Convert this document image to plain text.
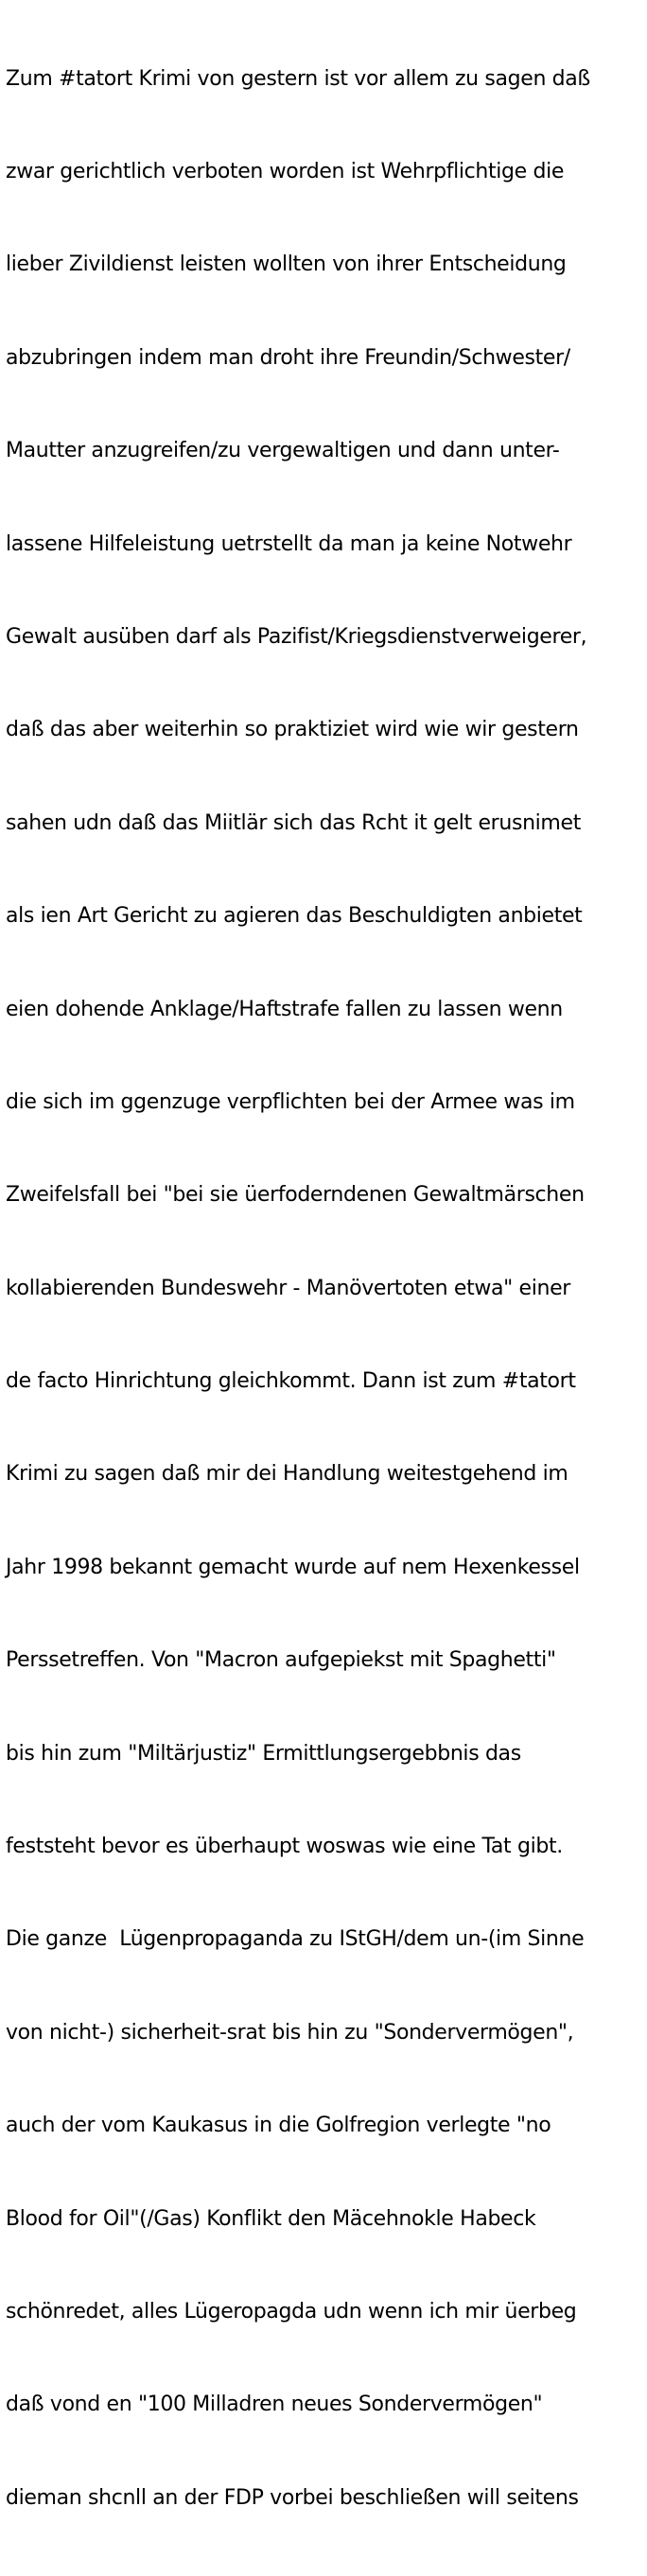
Zum #tatort Krimi von gestern ist vor allem zu sagen daß

zwar gerichtlich verboten worden ist Wehrpflichtige die

lieber Zivildienst leisten wollten von ihrer Entscheidung

abzubringen indem man droht ihre Freundin/Schwester/

Mautter anzugreifen/zu vergewaltigen und dann unter-

lassene Hilfeleistung uetrstellt da man ja keine Notwehr

Gewalt ausüben darf als Pazifist/Kriegsdienstverweigerer,

daß das aber weiterhin so praktiziet wird wie wir gestern

sahen udn daß das Miitlär sich das Rcht it gelt erusnimet

als ien Art Gericht zu agieren das Beschuldigten anbietet

eien dohende Anklage/Haftstrafe fallen zu lassen wenn

die sich im ggenzuge verpflichten bei der Armee was im

Zweifelsfall bei "bei sie üerfoderndenen Gewaltmärschen

kollabierenden Bundeswehr - Manövertoten etwa" einer

de facto Hinrichtung gleichkommt. Dann ist zum #tatort

Krimi zu sagen daß mir dei Handlung weitestgehend im

Jahr 1998 bekannt gemacht wurde auf nem Hexenkessel

Perssetreffen. Von "Macron aufgepiekst mit Spaghetti"

bis hin zum "Miltärjustiz" Ermittlungsergebbnis das

feststeht bevor es überhaupt woswas wie eine Tat gibt.

Die ganze  Lügenpropaganda zu IStGH/dem un-(im Sinne

von nicht-) sicherheit-srat bis hin zu "Sondervermögen",

auch der vom Kaukasus in die Golfregion verlegte "no

Blood for Oil"(/Gas) Konflikt den Mäcehnokle Habeck

schönredet, alles Lügeropagda udn wenn ich mir üerbeg

daß vond en "100 Milladren neues Sondervermögen"

dieman shcnll an der FDP vorbei beschließen will seitens
